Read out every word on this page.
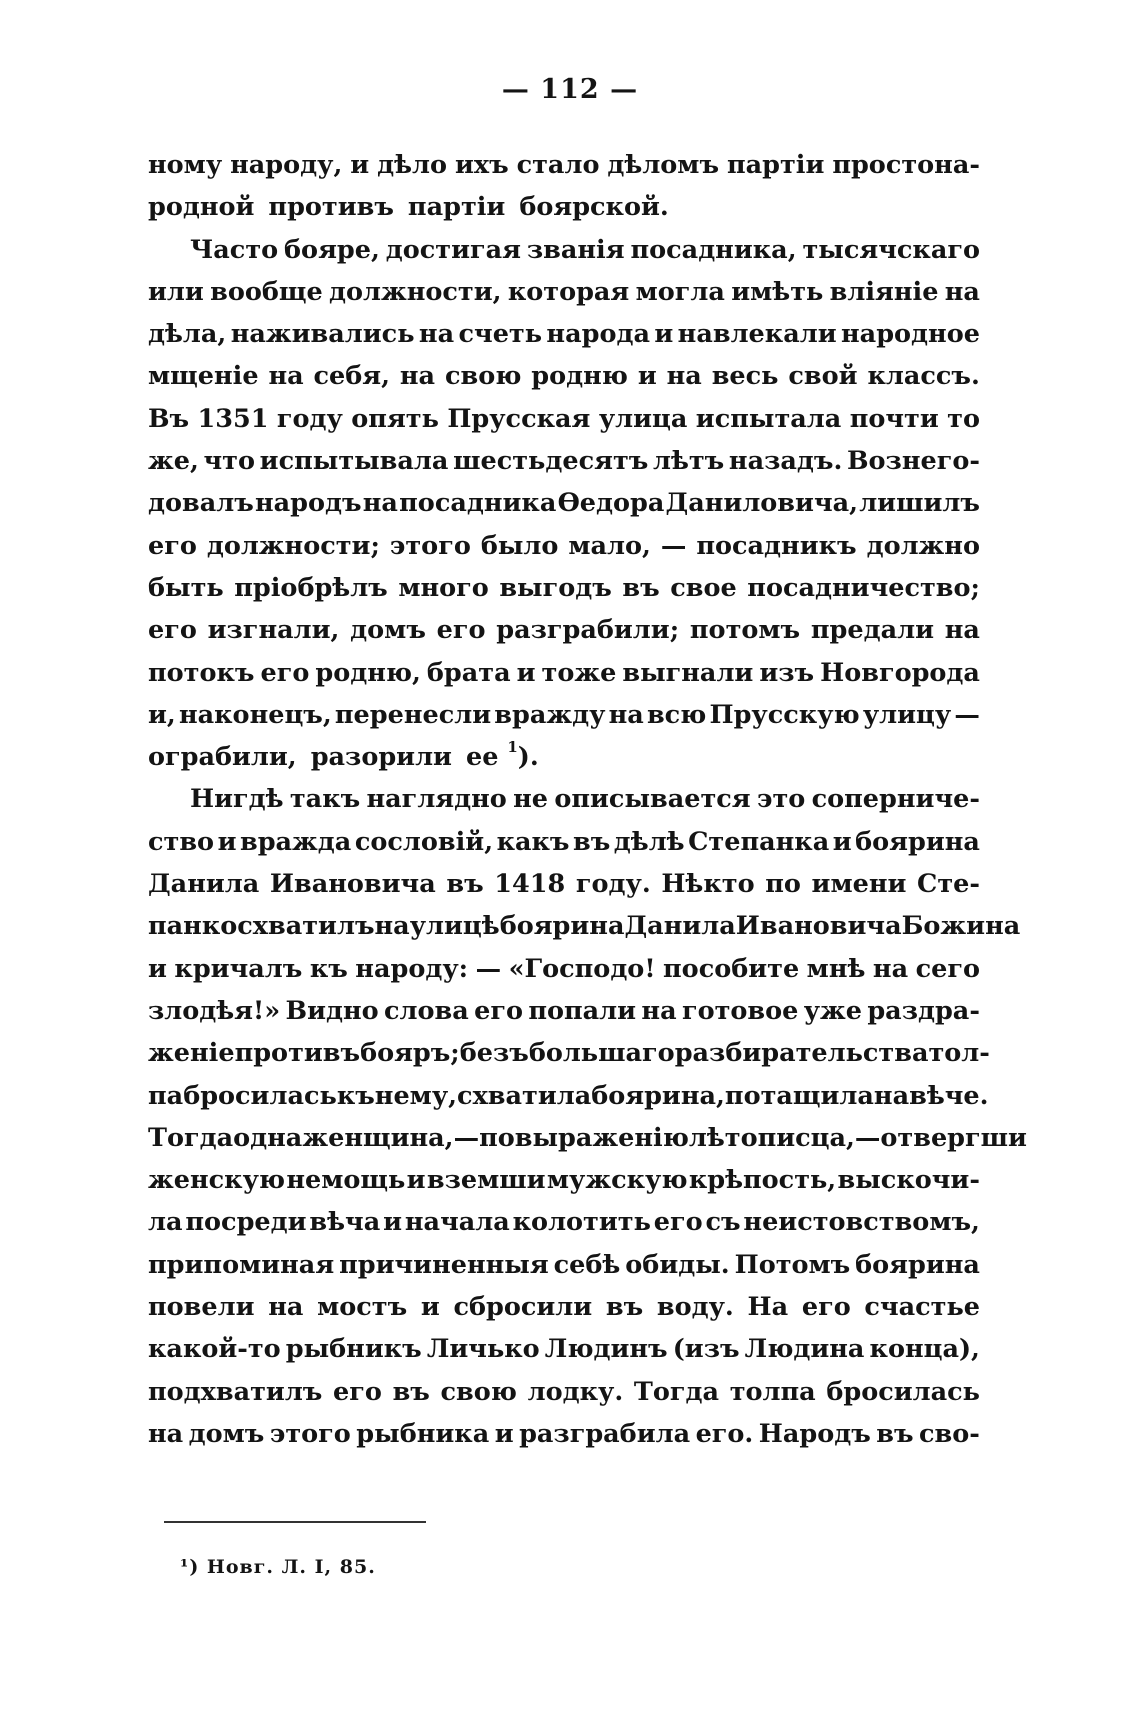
— 112 —
ному народу, и дѣло ихъ стало дѣломъ партіи простона-
родной противъ партіи боярской.
Часто бояре, достигая званія посадника, тысячскаго
или вообще должности, которая могла имѣть вліяніе на
дѣла, наживались на счеть народа и навлекали народное
мщеніе на себя, на свою родню и на весь свой классъ.
Въ 1351 году опять Прусская улица испытала почти то
же, что испытывала шестьдесятъ лѣтъ назадъ. Вознего-
довалъ народъ на посадника Өедора Даниловича, лишилъ
его должности; этого было мало, — посадникъ должно
быть пріобрѣлъ много выгодъ въ свое посадничество;
его изгнали, домъ его разграбили; потомъ предали на
потокъ его родню, брата и тоже выгнали изъ Новгорода
и, наконецъ, перенесли вражду на всю Прусскую улицу —
ограбили, разорили ее $^1$).
Нигдѣ такъ наглядно не описывается это соперниче-
ство и вражда сословій, какъ въ дѣлѣ Степанка и боярина
Данила Ивановича въ 1418 году. Нѣкто по имени Сте-
панко схватилъ на улицѣ боярина Данила Ивановича Божина
и кричалъ къ народу: — «Господо! пособите мнѣ на сего
злодѣя!» Видно слова его попали на готовое уже раздра-
женіе противъ бояръ; безъ большаго разбирательства тол-
па бросилась къ нему, схватила боярина, потащила на вѣче.
Тогда одна женщина, — по выраженію лѣтописца, — отвергши
женскую немощь и вземши мужскую крѣпость, выскочи-
ла посреди вѣча и начала колотить его съ неистовствомъ,
припоминая причиненныя себѣ обиды. Потомъ боярина
повели на мостъ и сбросили въ воду. На его счастье
какой-то рыбникъ Личько Людинъ (изъ Людина конца),
подхватилъ его въ свою лодку. Тогда толпа бросилась
на домъ этого рыбника и разграбила его. Народъ въ сво-
¹) Новг. Л. I, 85.
